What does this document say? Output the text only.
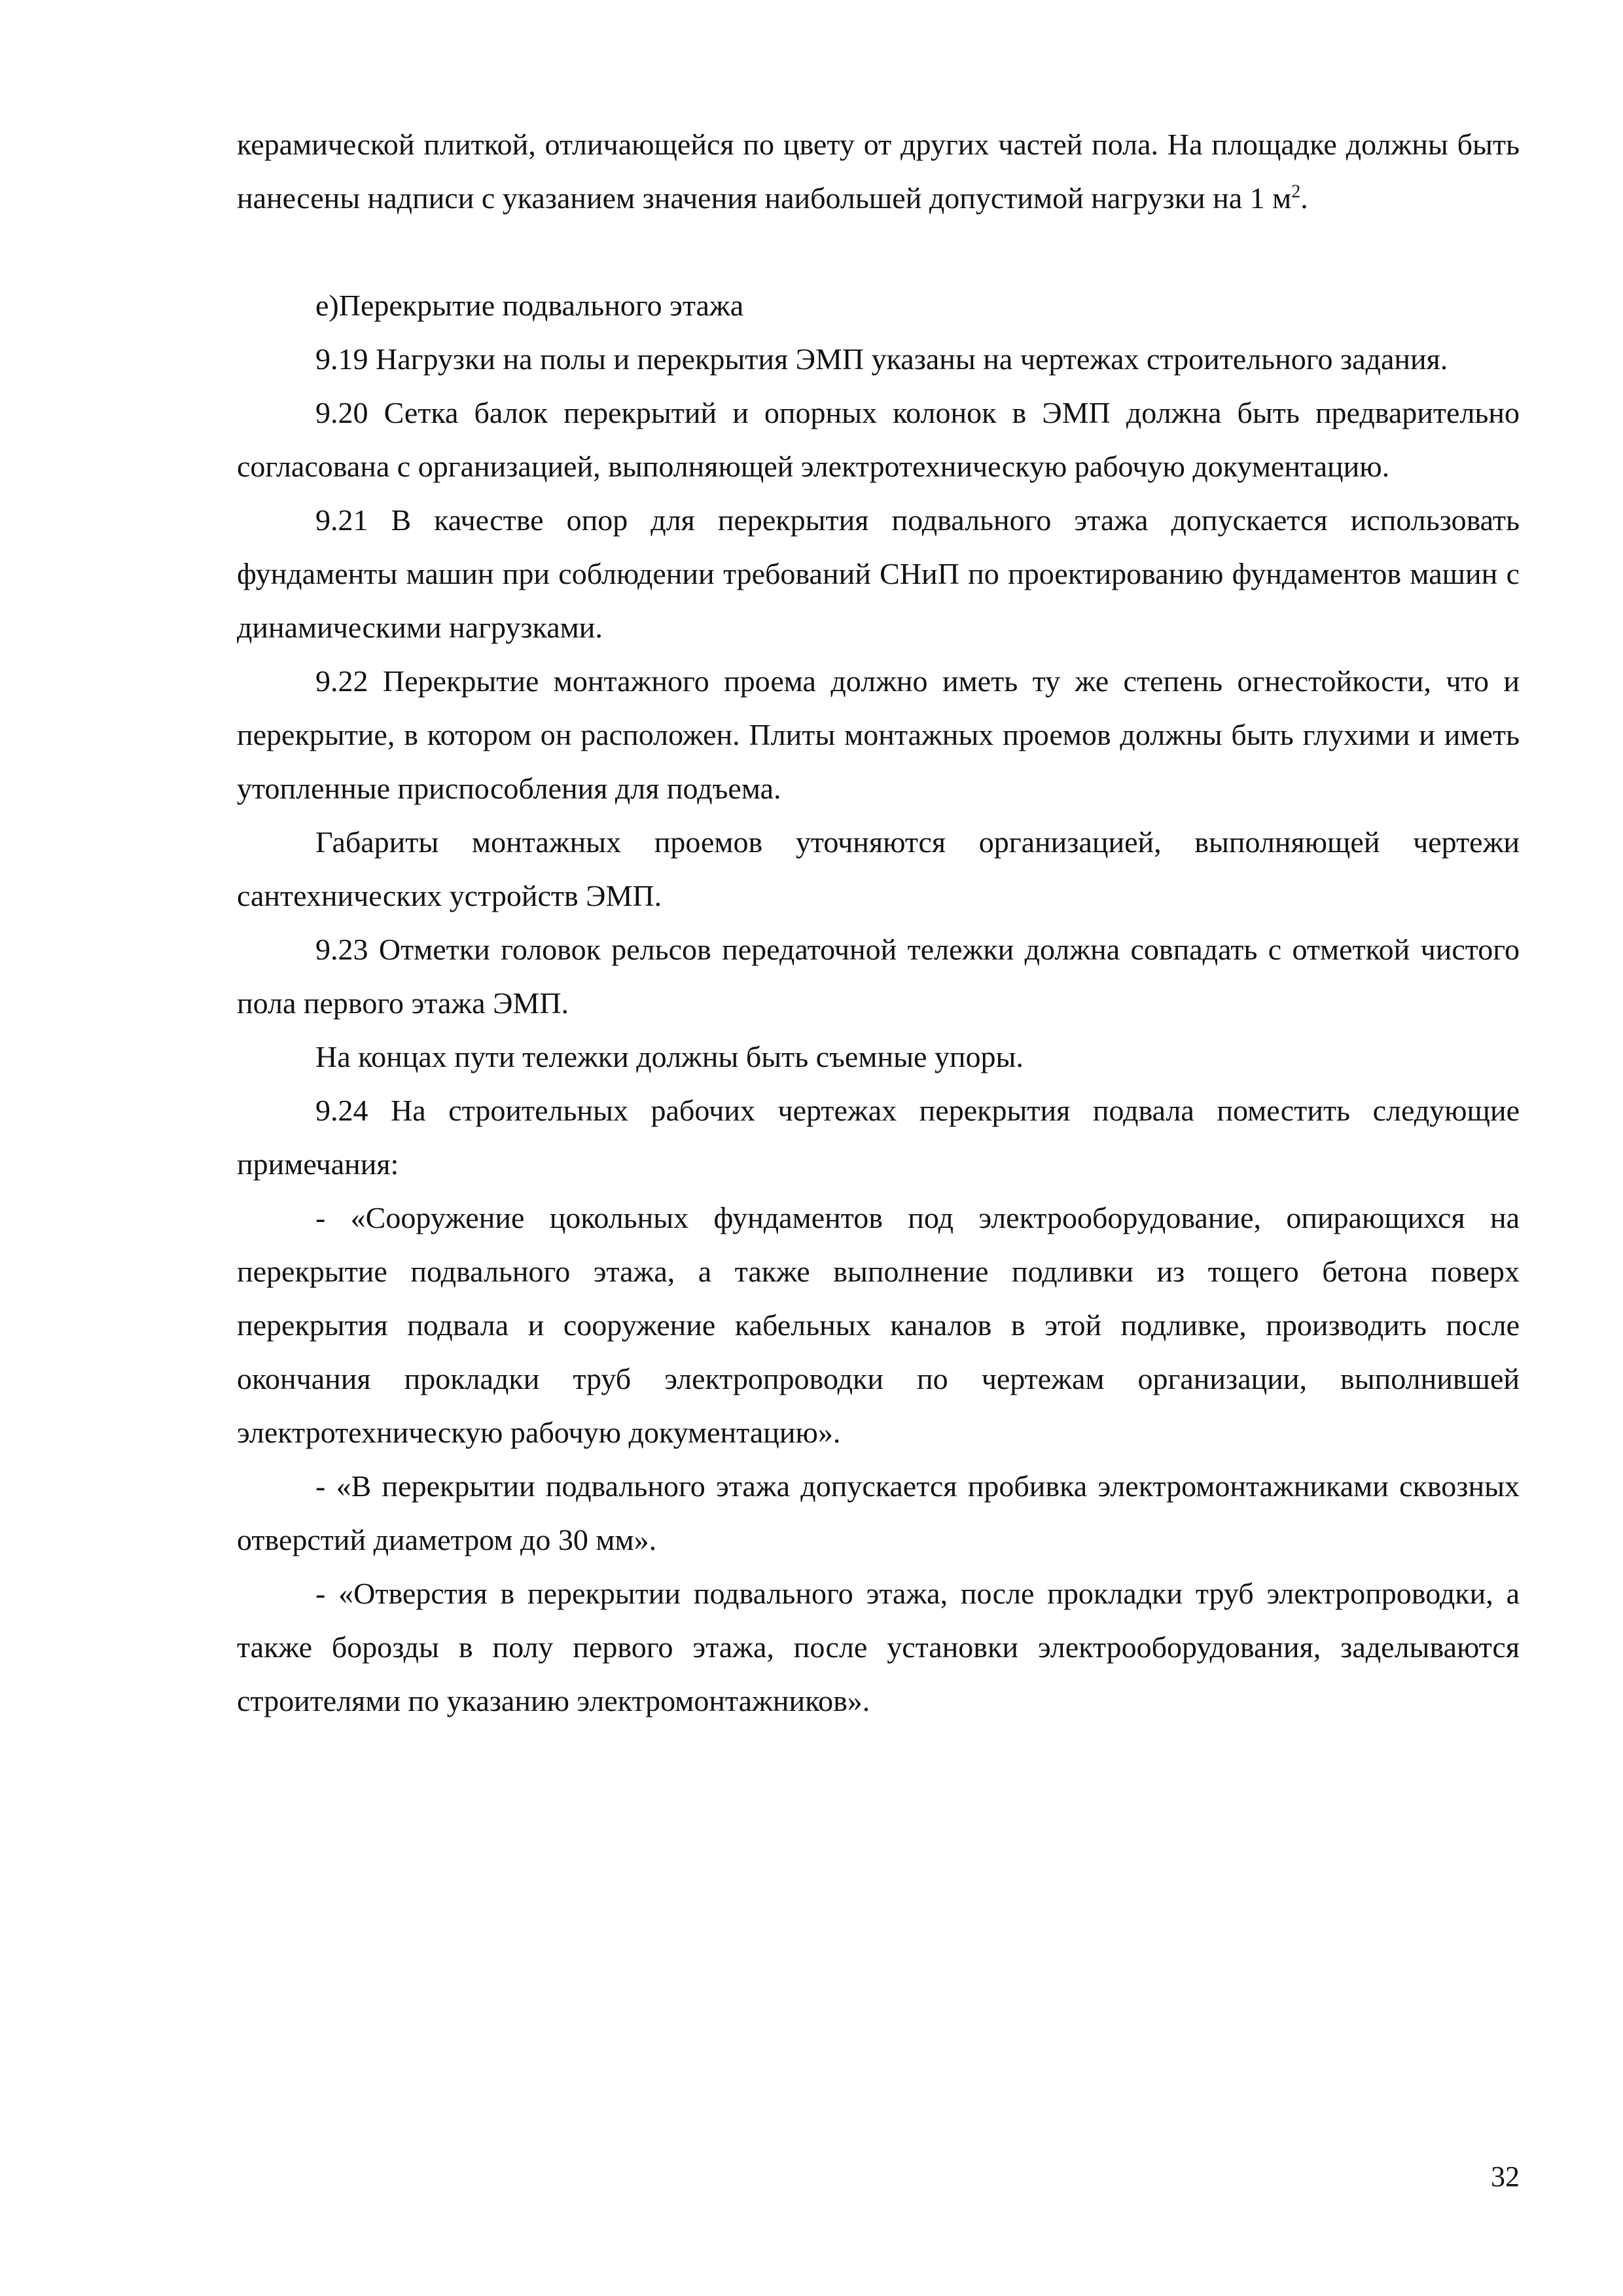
керамической плиткой, отличающейся по цвету от других частей пола. На площадке должны быть нанесены надписи с указанием значения наибольшей допустимой нагрузки на 1 $м^2$.

е)Перекрытие подвального этажа

9.19 Нагрузки на полы и перекрытия ЭМП указаны на чертежах строительного задания.

9.20 Сетка балок перекрытий и опорных колонок в ЭМП должна быть предварительно согласована с организацией, выполняющей электротехническую рабочую документацию.

9.21 В качестве опор для перекрытия подвального этажа допускается использовать фундаменты машин при соблюдении требований СНиП по проектированию фундаментов машин с динамическими нагрузками.

9.22 Перекрытие монтажного проема должно иметь ту же степень огнестойкости, что и перекрытие, в котором он расположен. Плиты монтажных проемов должны быть глухими и иметь утопленные приспособления для подъема.

Габариты монтажных проемов уточняются организацией, выполняющей чертежи сантехнических устройств ЭМП.

9.23 Отметки головок рельсов передаточной тележки должна совпадать с отметкой чистого пола первого этажа ЭМП.

На концах пути тележки должны быть съемные упоры.

9.24 На строительных рабочих чертежах перекрытия подвала поместить следующие примечания:

- «Сооружение цокольных фундаментов под электрооборудование, опирающихся на перекрытие подвального этажа, а также выполнение подливки из тощего бетона поверх перекрытия подвала и сооружение кабельных каналов в этой подливке, производить после окончания прокладки труб электропроводки по чертежам организации, выполнившей электротехническую рабочую документацию».

- «В перекрытии подвального этажа допускается пробивка электромонтажниками сквозных отверстий диаметром до 30 мм».

- «Отверстия в перекрытии подвального этажа, после прокладки труб электропроводки, а также борозды в полу первого этажа, после установки электрооборудования, заделываются строителями по указанию электромонтажников».

32
